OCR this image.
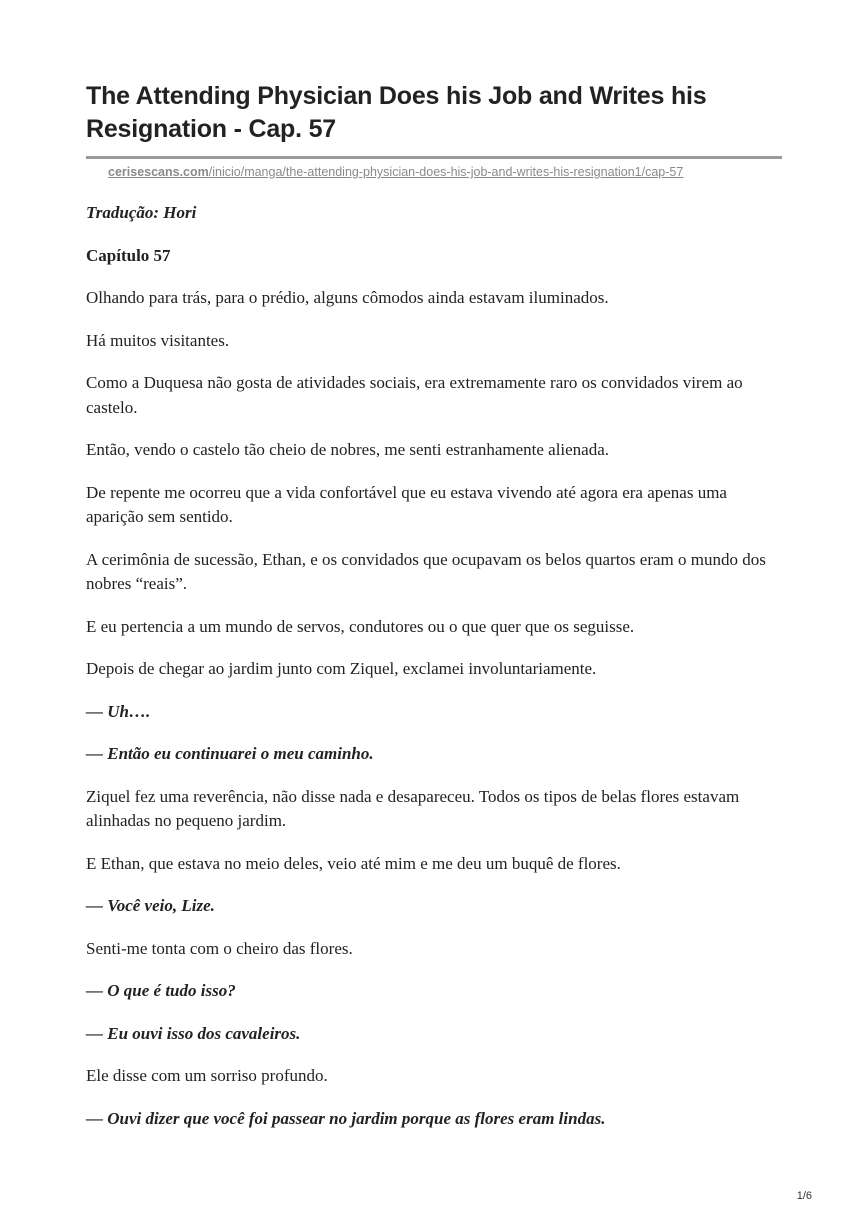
The Attending Physician Does his Job and Writes his Resignation - Cap. 57
cerisescans.com/inicio/manga/the-attending-physician-does-his-job-and-writes-his-resignation1/cap-57

Tradução: Hori

Capítulo 57

Olhando para trás, para o prédio, alguns cômodos ainda estavam iluminados.

Há muitos visitantes.

Como a Duquesa não gosta de atividades sociais, era extremamente raro os convidados virem ao castelo.

Então, vendo o castelo tão cheio de nobres, me senti estranhamente alienada.

De repente me ocorreu que a vida confortável que eu estava vivendo até agora era apenas uma aparição sem sentido.

A cerimônia de sucessão, Ethan, e os convidados que ocupavam os belos quartos eram o mundo dos nobres “reais”.

E eu pertencia a um mundo de servos, condutores ou o que quer que os seguisse.

Depois de chegar ao jardim junto com Ziquel, exclamei involuntariamente.

— Uh….

— Então eu continuarei o meu caminho.

Ziquel fez uma reverência, não disse nada e desapareceu. Todos os tipos de belas flores estavam alinhadas no pequeno jardim.

E Ethan, que estava no meio deles, veio até mim e me deu um buquê de flores.

— Você veio, Lize.

Senti-me tonta com o cheiro das flores.

— O que é tudo isso?

— Eu ouvi isso dos cavaleiros.

Ele disse com um sorriso profundo.

— Ouvi dizer que você foi passear no jardim porque as flores eram lindas.

1/6
